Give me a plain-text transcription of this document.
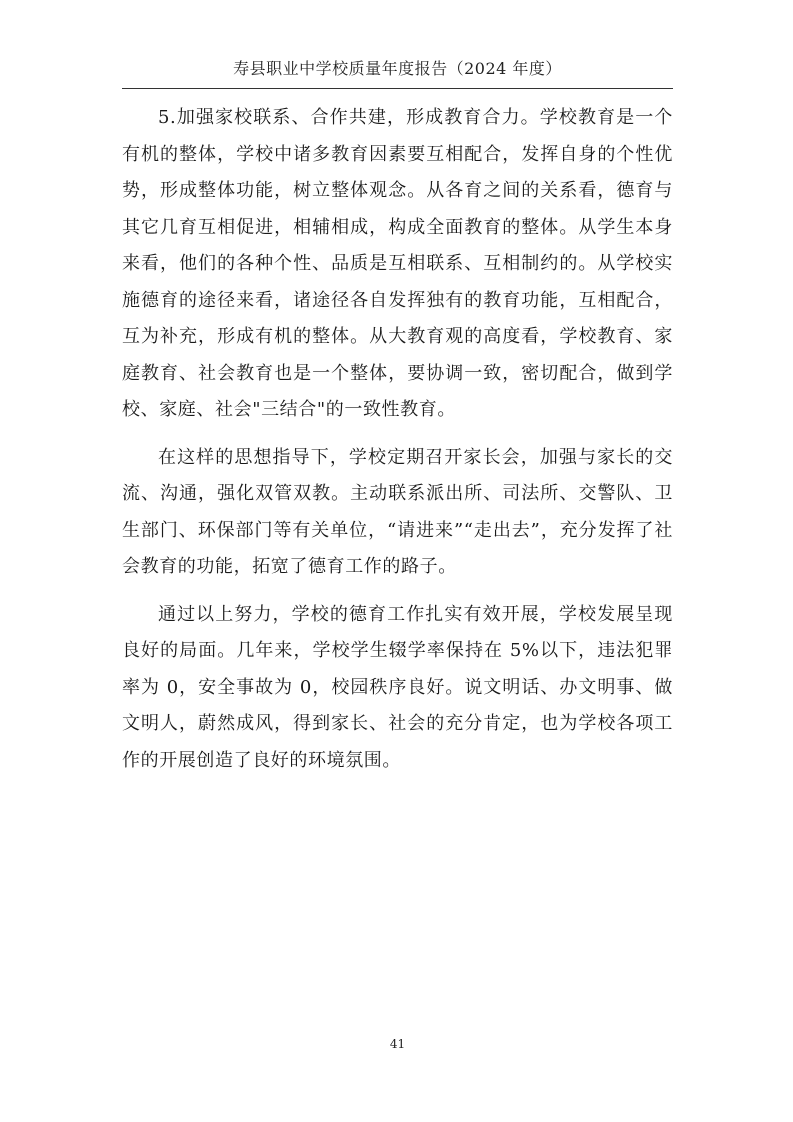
寿县职业中学校质量年度报告（2024 年度）

5.加强家校联系、合作共建，形成教育合力。学校教育是一个有机的整体，学校中诸多教育因素要互相配合，发挥自身的个性优势，形成整体功能，树立整体观念。从各育之间的关系看，德育与其它几育互相促进，相辅相成，构成全面教育的整体。从学生本身来看，他们的各种个性、品质是互相联系、互相制约的。从学校实施德育的途径来看，诸途径各自发挥独有的教育功能，互相配合，互为补充，形成有机的整体。从大教育观的高度看，学校教育、家庭教育、社会教育也是一个整体，要协调一致，密切配合，做到学校、家庭、社会"三结合"的一致性教育。

在这样的思想指导下，学校定期召开家长会，加强与家长的交流、沟通，强化双管双教。主动联系派出所、司法所、交警队、卫生部门、环保部门等有关单位，“请进来”“走出去”，充分发挥了社会教育的功能，拓宽了德育工作的路子。

通过以上努力，学校的德育工作扎实有效开展，学校发展呈现良好的局面。几年来，学校学生辍学率保持在 5%以下，违法犯罪率为 0，安全事故为 0，校园秩序良好。说文明话、办文明事、做文明人，蔚然成风，得到家长、社会的充分肯定，也为学校各项工作的开展创造了良好的环境氛围。

41
